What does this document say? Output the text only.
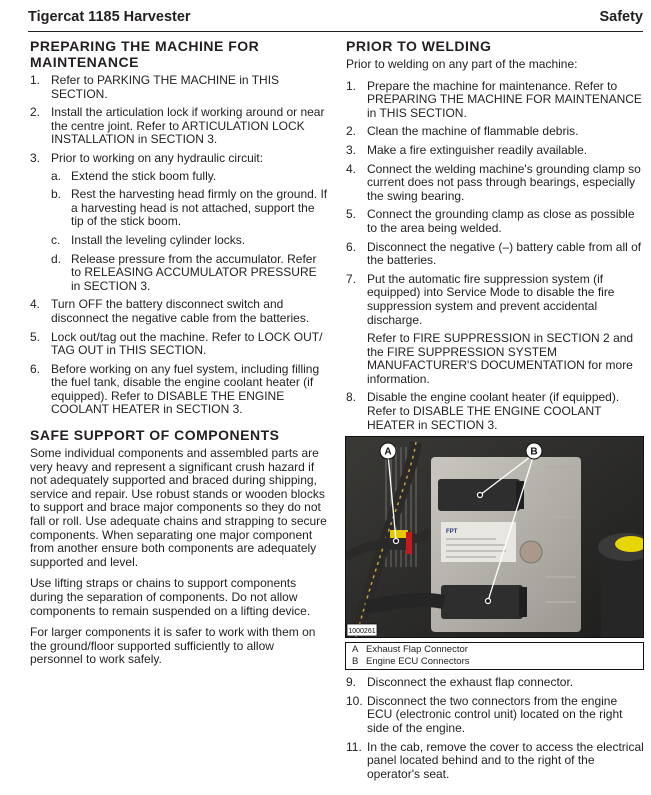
Tigercat 1185 Harvester	Safety
PREPARING THE MACHINE FOR MAINTENANCE
1. Refer to PARKING THE MACHINE in THIS SECTION.
2. Install the articulation lock if working around or near the centre joint. Refer to ARTICULATION LOCK INSTALLATION in SECTION 3.
3. Prior to working on any hydraulic circuit:
a. Extend the stick boom fully.
b. Rest the harvesting head firmly on the ground. If a harvesting head is not attached, support the tip of the stick boom.
c. Install the leveling cylinder locks.
d. Release pressure from the accumulator. Refer to RELEASING ACCUMULATOR PRESSURE in SECTION 3.
4. Turn OFF the battery disconnect switch and disconnect the negative cable from the batteries.
5. Lock out/tag out the machine. Refer to LOCK OUT/ TAG OUT in THIS SECTION.
6. Before working on any fuel system, including filling the fuel tank, disable the engine coolant heater (if equipped). Refer to DISABLE THE ENGINE COOLANT HEATER in SECTION 3.
SAFE SUPPORT OF COMPONENTS

Some individual components and assembled parts are very heavy and represent a significant crush hazard if not adequately supported and braced during shipping, service and repair. Use robust stands or wooden blocks to support and brace major components so they do not fall or roll. Use adequate chains and strapping to secure components. When separating one major component from another ensure both components are adequately supported and level.

Use lifting straps or chains to support components during the separation of components. Do not allow components to remain suspended on a lifting device.

For larger components it is safer to work with them on the ground/floor supported sufficiently to allow personnel to work safely.

PRIOR TO WELDING

Prior to welding on any part of the machine:

1. Prepare the machine for maintenance. Refer to PREPARING THE MACHINE FOR MAINTENANCE in THIS SECTION.
2. Clean the machine of flammable debris.
3. Make a fire extinguisher readily available.
4. Connect the welding machine's grounding clamp so current does not pass through bearings, especially the swing bearing.
5. Connect the grounding clamp as close as possible to the area being welded.
6. Disconnect the negative (–) battery cable from all of the batteries.
7. Put the automatic fire suppression system (if equipped) into Service Mode to disable the fire suppression system and prevent accidental discharge.

Refer to FIRE SUPPRESSION in SECTION 2 and the FIRE SUPPRESSION SYSTEM MANUFACTURER'S DOCUMENTATION for more information.

8. Disable the engine coolant heater (if equipped). Refer to DISABLE THE ENGINE COOLANT HEATER in SECTION 3.
FPT
A	B
1000261
A Exhaust Flap Connector
B Engine ECU Connectors
9. Disconnect the exhaust flap connector.
10. Disconnect the two connectors from the engine ECU (electronic control unit) located on the right side of the engine.
11. In the cab, remove the cover to access the electrical panel located behind and to the right of the operator's seat.
